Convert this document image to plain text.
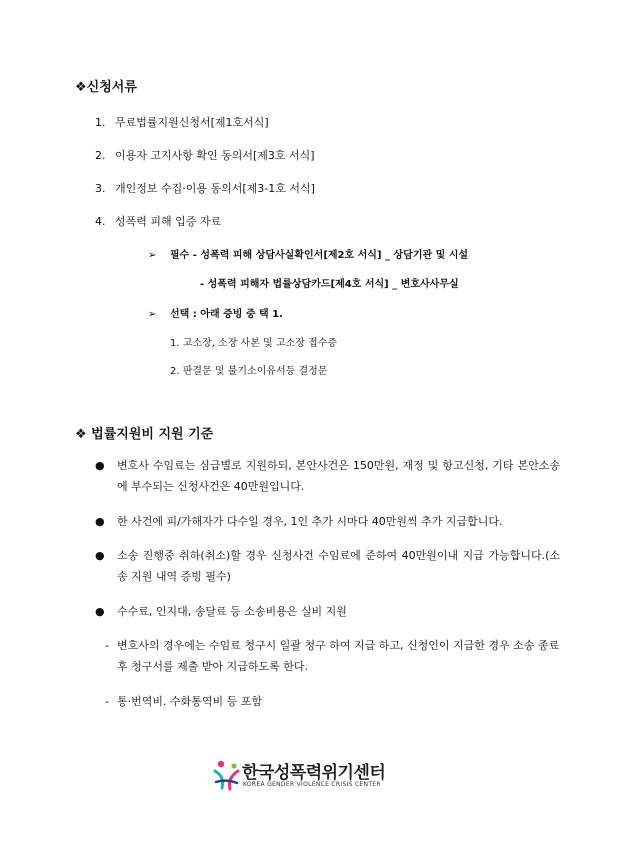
❖신청서류
1. 무료법률지원신청서[제1호서식]
2. 이용자 고지사항 확인 동의서[제3호 서식]
3. 개인정보 수집·이용 동의서[제3-1호 서식]
4. 성폭력 피해 입증 자료
➢ 필수 - 성폭력 피해 상담사실확인서[제2호 서식] _ 상담기관 및 시설
- 성폭력 피해자 법률상담카드[제4호 서식] _ 변호사사무실
➢ 선택 : 아래 증빙 중 택 1.
1. 고소장, 소장 사본 및 고소장 접수증
2. 판결문 및 불기소이유서등 결정문
❖ 법률지원비 지원 기준
● 변호사 수임료는 심급별로 지원하되, 본안사건은 150만원, 재정 및 항고신청, 기타 본안소송에 부수되는 신청사건은 40만원입니다.
● 한 사건에 피/가해자가 다수일 경우, 1인 추가 시마다 40만원씩 추가 지급합니다.
● 소송 진행중 취하(취소)할 경우 신청사건 수임료에 준하여 40만원이내 지급 가능합니다.(소송 지원 내역 증빙 필수)
● 수수료, 인지대, 송달료 등 소송비용은 실비 지원
- 변호사의 경우에는 수임료 청구시 일괄 청구 하여 지급 하고, 신청인이 지급한 경우 소송 종료 후 청구서를 제출 받아 지급하도록 한다.
- 통·번역비. 수화통역비 등 포함
한국성폭력위기센터
KOREA GENDER VIOLENCE CRISIS CENTER
